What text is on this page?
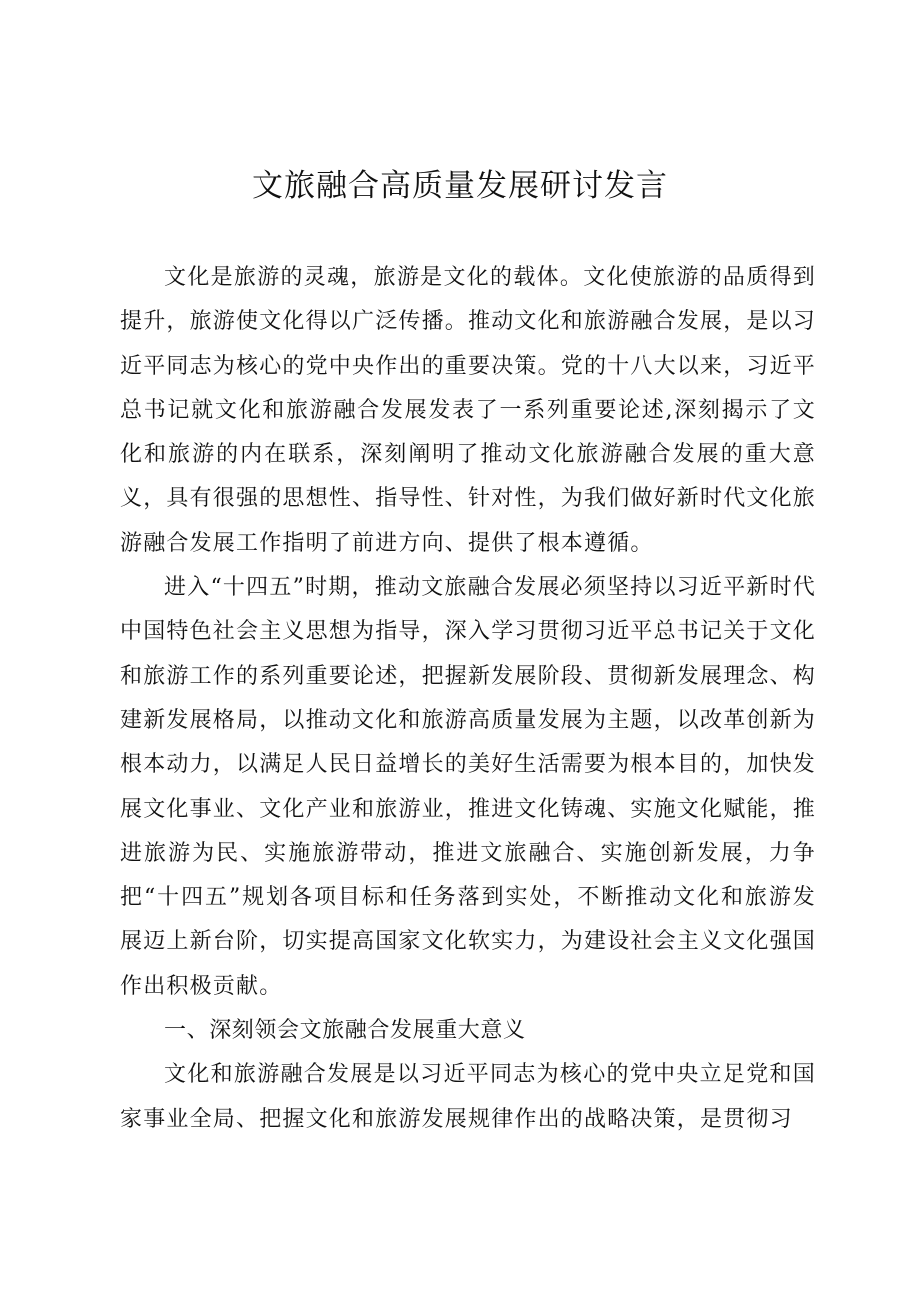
文旅融合高质量发展研讨发言

文化是旅游的灵魂，旅游是文化的载体。文化使旅游的品质得到提升，旅游使文化得以广泛传播。推动文化和旅游融合发展，是以习近平同志为核心的党中央作出的重要决策。党的十八大以来，习近平总书记就文化和旅游融合发展发表了一系列重要论述,深刻揭示了文化和旅游的内在联系，深刻阐明了推动文化旅游融合发展的重大意义，具有很强的思想性、指导性、针对性，为我们做好新时代文化旅游融合发展工作指明了前进方向、提供了根本遵循。

进入“十四五”时期，推动文旅融合发展必须坚持以习近平新时代中国特色社会主义思想为指导，深入学习贯彻习近平总书记关于文化和旅游工作的系列重要论述，把握新发展阶段、贯彻新发展理念、构建新发展格局，以推动文化和旅游高质量发展为主题，以改革创新为根本动力，以满足人民日益增长的美好生活需要为根本目的，加快发展文化事业、文化产业和旅游业，推进文化铸魂、实施文化赋能，推进旅游为民、实施旅游带动，推进文旅融合、实施创新发展，力争把“十四五”规划各项目标和任务落到实处，不断推动文化和旅游发展迈上新台阶，切实提高国家文化软实力，为建设社会主义文化强国作出积极贡献。

一、深刻领会文旅融合发展重大意义

文化和旅游融合发展是以习近平同志为核心的党中央立足党和国家事业全局、把握文化和旅游发展规律作出的战略决策，是贯彻习
